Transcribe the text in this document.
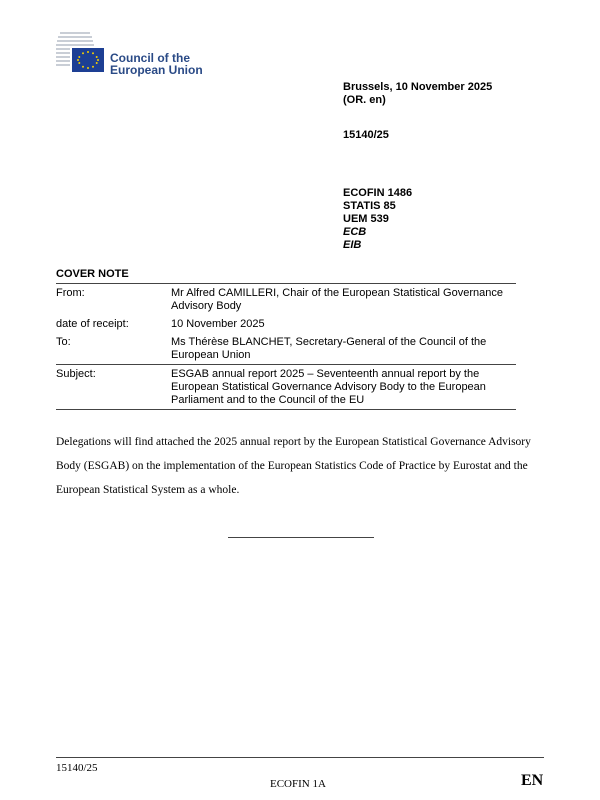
Council of the
European Union
Brussels, 10 November 2025
(OR. en)
15140/25
ECOFIN 1486
STATIS 85
UEM 539
ECB
EIB
COVER NOTE
From:	Mr Alfred CAMILLERI, Chair of the European Statistical Governance Advisory Body
date of receipt:	10 November 2025
To:	Ms Thérèse BLANCHET, Secretary-General of the Council of the European Union
Subject:	ESGAB annual report 2025 – Seventeenth annual report by the European Statistical Governance Advisory Body to the European Parliament and to the Council of the EU
Delegations will find attached the 2025 annual report by the European Statistical Governance Advisory Body (ESGAB) on the implementation of the European Statistics Code of Practice by Eurostat and the European Statistical System as a whole.
15140/25
ECOFIN 1A	EN
